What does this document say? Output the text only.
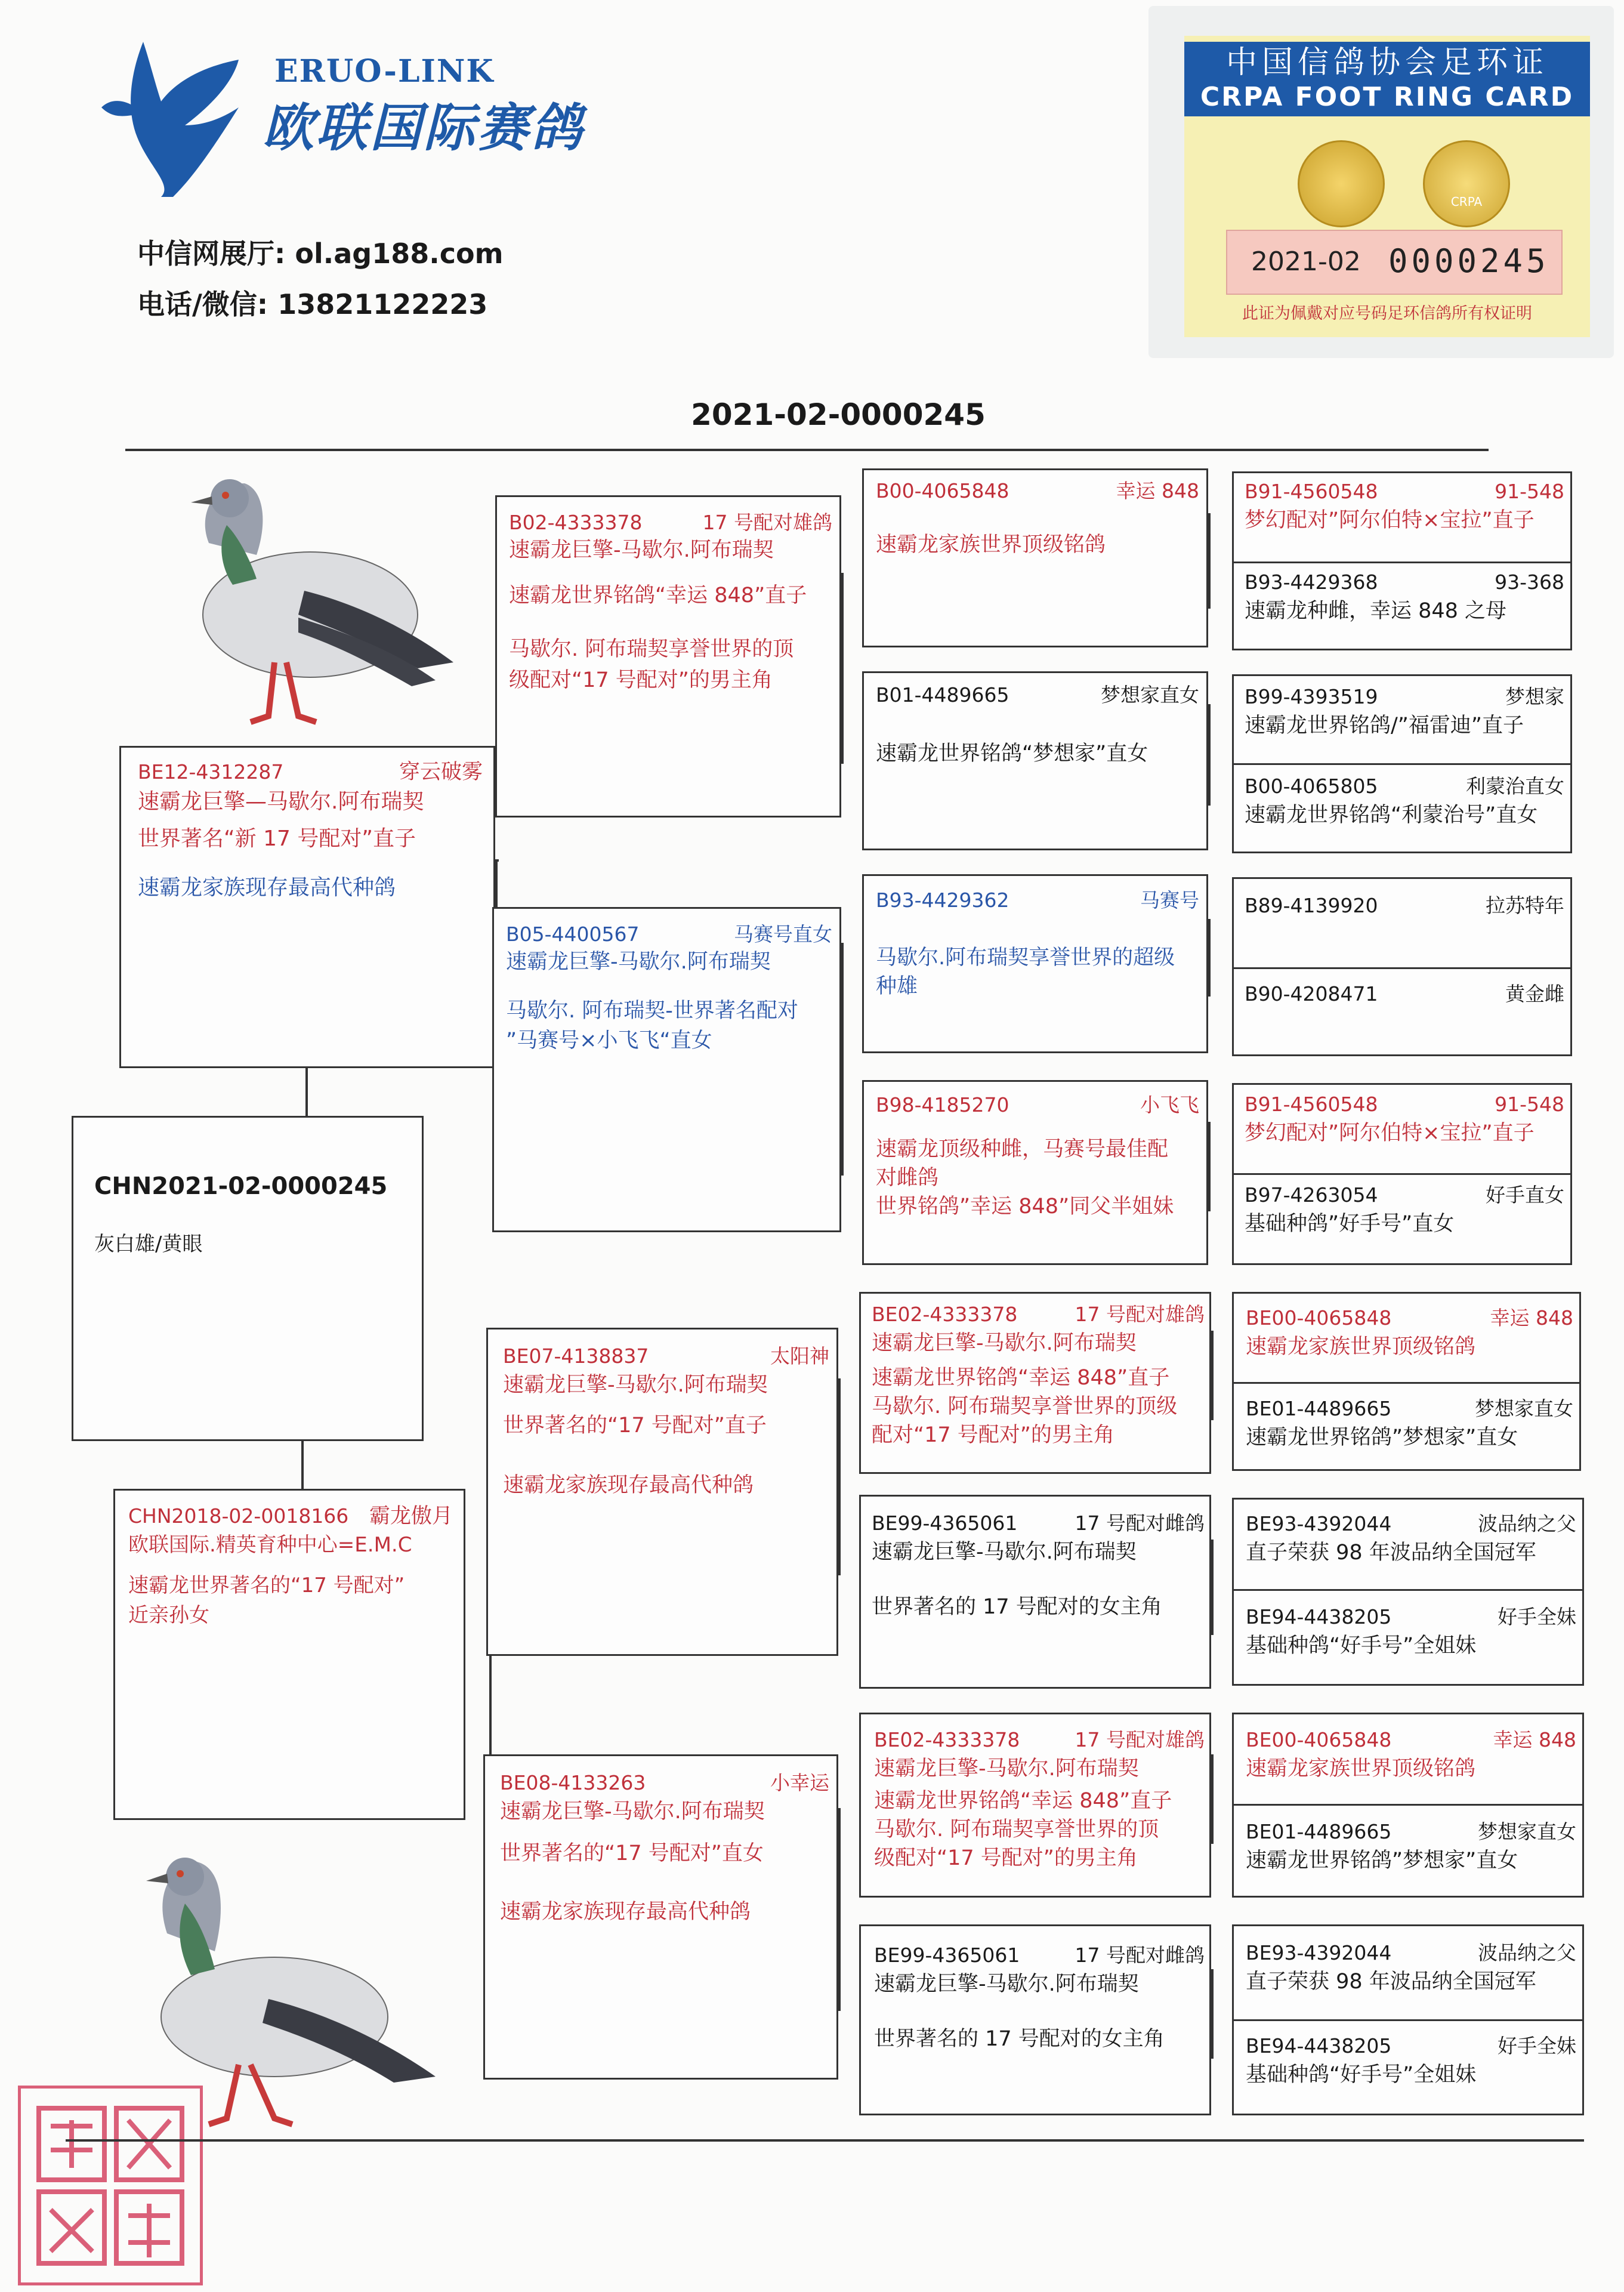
ERUO-LINK
欧联国际赛鸽
中信网展厅: ol.ag188.com
电话/微信: 13821122223
中国信鸽协会足环证
CRPA FOOT RING CARD
CRPA
2021-02 0000245
此证为佩戴对应号码足环信鸽所有权证明
2021-02-0000245
CHN2021-02-0000245
灰白雄/黄眼
BE12-4312287	穿云破雾
速霸龙巨擎—马歇尔.阿布瑞契
世界著名“新 17 号配对”直子
速霸龙家族现存最高代种鸽
CHN2018-02-0018166 霸龙傲月
欧联国际.精英育种中心=E.M.C
速霸龙世界著名的“17 号配对”
近亲孙女
B02-4333378	17 号配对雄鸽
速霸龙巨擎-马歇尔.阿布瑞契
速霸龙世界铭鸽“幸运 848”直子
马歇尔. 阿布瑞契享誉世界的顶
级配对“17 号配对”的男主角
B05-4400567	马赛号直女
速霸龙巨擎-马歇尔.阿布瑞契
马歇尔. 阿布瑞契-世界著名配对
”马赛号×小飞飞“直女
BE07-4138837	太阳神
速霸龙巨擎-马歇尔.阿布瑞契
世界著名的“17 号配对”直子
速霸龙家族现存最高代种鸽
BE08-4133263	小幸运
速霸龙巨擎-马歇尔.阿布瑞契
世界著名的“17 号配对”直女
速霸龙家族现存最高代种鸽
B00-4065848	幸运 848
速霸龙家族世界顶级铭鸽
B01-4489665	梦想家直女
速霸龙世界铭鸽“梦想家”直女
B93-4429362	马赛号
马歇尔.阿布瑞契享誉世界的超级
种雄
B98-4185270	小飞飞
速霸龙顶级种雌，马赛号最佳配
对雌鸽
世界铭鸽”幸运 848”同父半姐妹
BE02-4333378	17 号配对雄鸽
速霸龙巨擎-马歇尔.阿布瑞契
速霸龙世界铭鸽“幸运 848”直子
马歇尔. 阿布瑞契享誉世界的顶级
配对“17 号配对”的男主角
BE99-4365061	17 号配对雌鸽
速霸龙巨擎-马歇尔.阿布瑞契
世界著名的 17 号配对的女主角
BE02-4333378	17 号配对雄鸽
速霸龙巨擎-马歇尔.阿布瑞契
速霸龙世界铭鸽“幸运 848”直子
马歇尔. 阿布瑞契享誉世界的顶
级配对“17 号配对”的男主角
BE99-4365061	17 号配对雌鸽
速霸龙巨擎-马歇尔.阿布瑞契
世界著名的 17 号配对的女主角
B91-4560548	91-548
梦幻配对”阿尔伯特×宝拉”直子
B93-4429368	93-368
速霸龙种雌，幸运 848 之母
B99-4393519	梦想家
速霸龙世界铭鸽/”福雷迪”直子
B00-4065805	利蒙治直女
速霸龙世界铭鸽“利蒙治号”直女
B89-4139920	拉苏特年
B90-4208471	黄金雌
B91-4560548	91-548
梦幻配对”阿尔伯特×宝拉”直子
B97-4263054	好手直女
基础种鸽”好手号”直女
BE00-4065848	幸运 848
速霸龙家族世界顶级铭鸽
BE01-4489665	梦想家直女
速霸龙世界铭鸽”梦想家”直女
BE93-4392044	波品纳之父
直子荣获 98 年波品纳全国冠军
BE94-4438205	好手全妹
基础种鸽“好手号”全姐妹
BE00-4065848	幸运 848
速霸龙家族世界顶级铭鸽
BE01-4489665	梦想家直女
速霸龙世界铭鸽”梦想家”直女
BE93-4392044	波品纳之父
直子荣获 98 年波品纳全国冠军
BE94-4438205	好手全妹
基础种鸽“好手号”全姐妹
